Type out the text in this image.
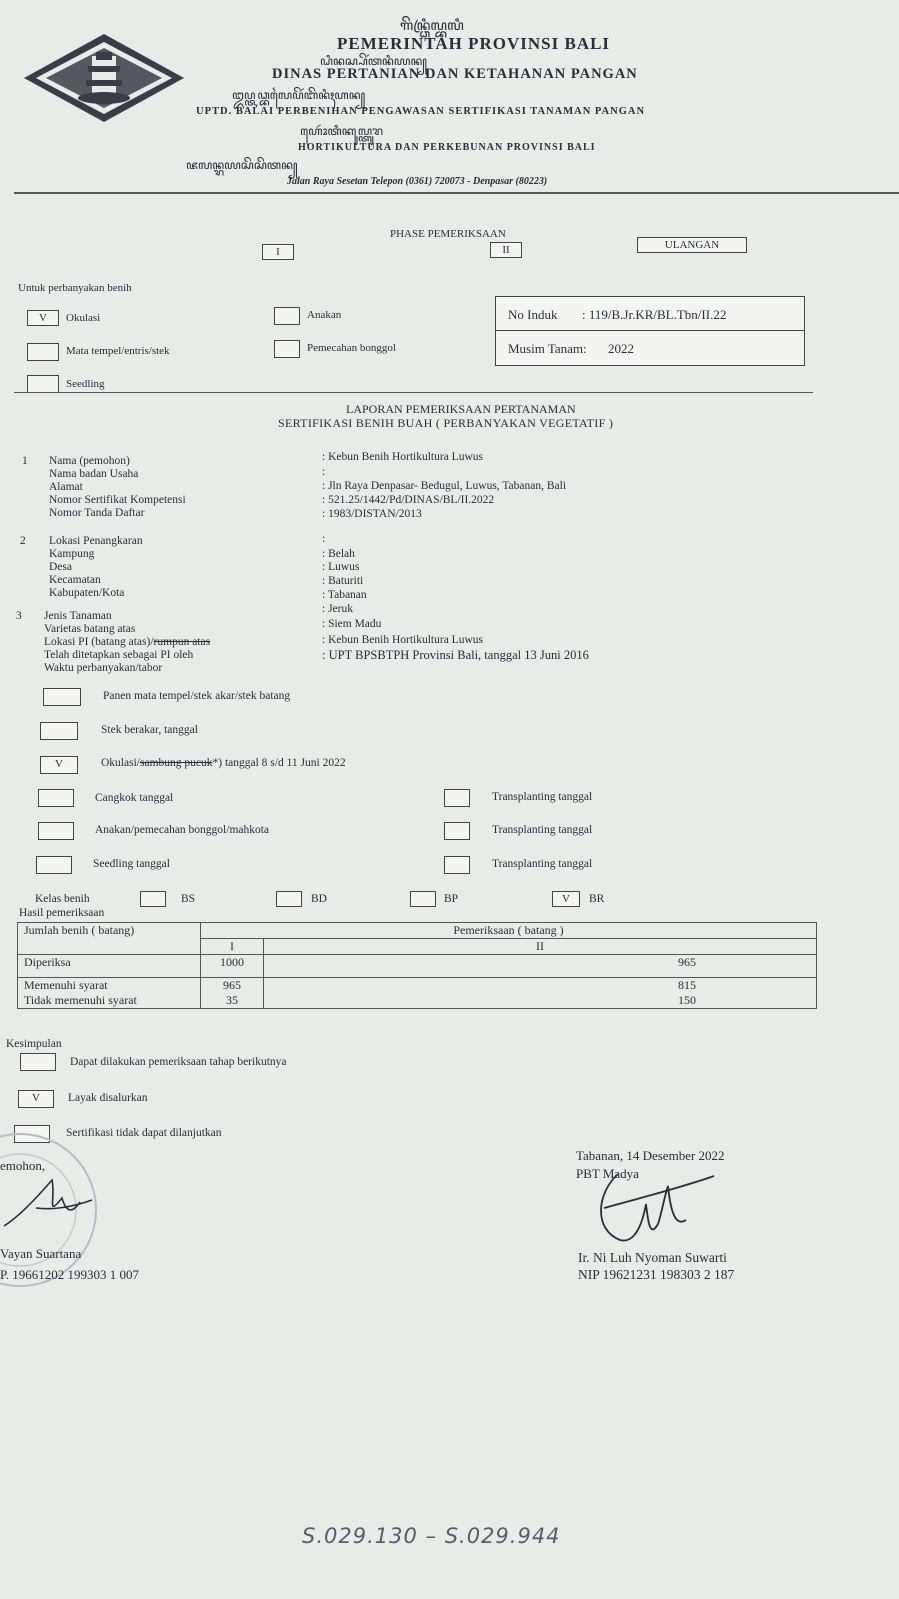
ꦒꦼꦤ꧀ꦣꦿꦶꦭ꧀ꦧꦭꦶ
PEMERINTAH PROVINSI BALI
ꦝꦶꦤꦱ꧀ꦥꦼꦂꦠꦤꦶꦪꦤ꧀
DINAS PERTANIAN DAN KETAHANAN PANGAN
ꦈꦥ꧀ꦠꦣ꧀ꦧꦭꦻꦥꦼꦂꦧꦼꦤꦶꦃꦲꦤ꧀
UPTD. BALAI PERBENIHAN PENGAWASAN SERTIFIKASI TANAMAN PANGAN
ꦲꦺꦴꦂꦠꦶꦏꦸꦭ꧀ꦠꦸꦫ
HORTIKULTURA DAN PERKEBUNAN PROVINSI BALI
ꦗꦭꦤ꧀ꦫꦪꦱꦼꦱꦼꦠꦤ꧀
Jalan Raya Sesetan Telepon (0361) 720073 - Denpasar (80223)
PHASE PEMERIKSAAN
I	II	ULANGAN
Untuk perbanyakan benih
V	Okulasi
Mata tempel/entris/stek
Seedling
Anakan
Pemecahan bonggol
No Induk : 119/B.Jr.KR/BL.Tbn/II.22
Musim Tanam: 2022
LAPORAN PEMERIKSAAN PERTANAMAN
SERTIFIKASI BENIH BUAH ( PERBANYAKAN VEGETATIF )
1 Nama (pemohon)	: Kebun Benih Hortikultura Luwus
Nama badan Usaha	:
Alamat	: Jln Raya Denpasar- Bedugul, Luwus, Tabanan, Bali
Nomor Sertifikat Kompetensi	: 521.25/1442/Pd/DINAS/BL/II.2022
Nomor Tanda Daftar	: 1983/DISTAN/2013
2 Lokasi Penangkaran	:
Kampung	: Belah
Desa	: Luwus
Kecamatan	: Baturiti
Kabupaten/Kota	: Tabanan
3 Jenis Tanaman
: Jeruk
Varietas batang atas	: Siem Madu
Lokasi PI (batang atas)/rumpun atas	: Kebun Benih Hortikultura Luwus
Telah ditetapkan sebagai PI oleh	: UPT BPSBTPH Provinsi Bali, tanggal 13 Juni 2016
Waktu perbanyakan/tabor
Panen mata tempel/stek akar/stek batang
Stek berakar, tanggal
V	Okulasi/sambung pucuk*) tanggal 8 s/d 11 Juni 2022
Cangkok tanggal
Anakan/pemecahan bonggol/mahkota
Seedling tanggal
Transplanting tanggal
Transplanting tanggal
Transplanting tanggal
Kelas benih	BS	BD	BP	V	BR
Hasil pemeriksaan
Jumlah benih ( batang)	Pemeriksaan ( batang )	
	I	II
Diperiksa	1000	965
Memenuhi syarat	965	815
Tidak memenuhi syarat	35	150
Kesimpulan
Dapat dilakukan pemeriksaan tahap berikutnya
V	Layak disalurkan
Sertifikasi tidak dapat dilanjutkan
emohon,
Vayan Suartana
P. 19661202 199303 1 007
Tabanan, 14 Desember 2022
PBT Madya
Ir. Ni Luh Nyoman Suwarti
NIP 19621231 198303 2 187
S.029.130 – S.029.944
